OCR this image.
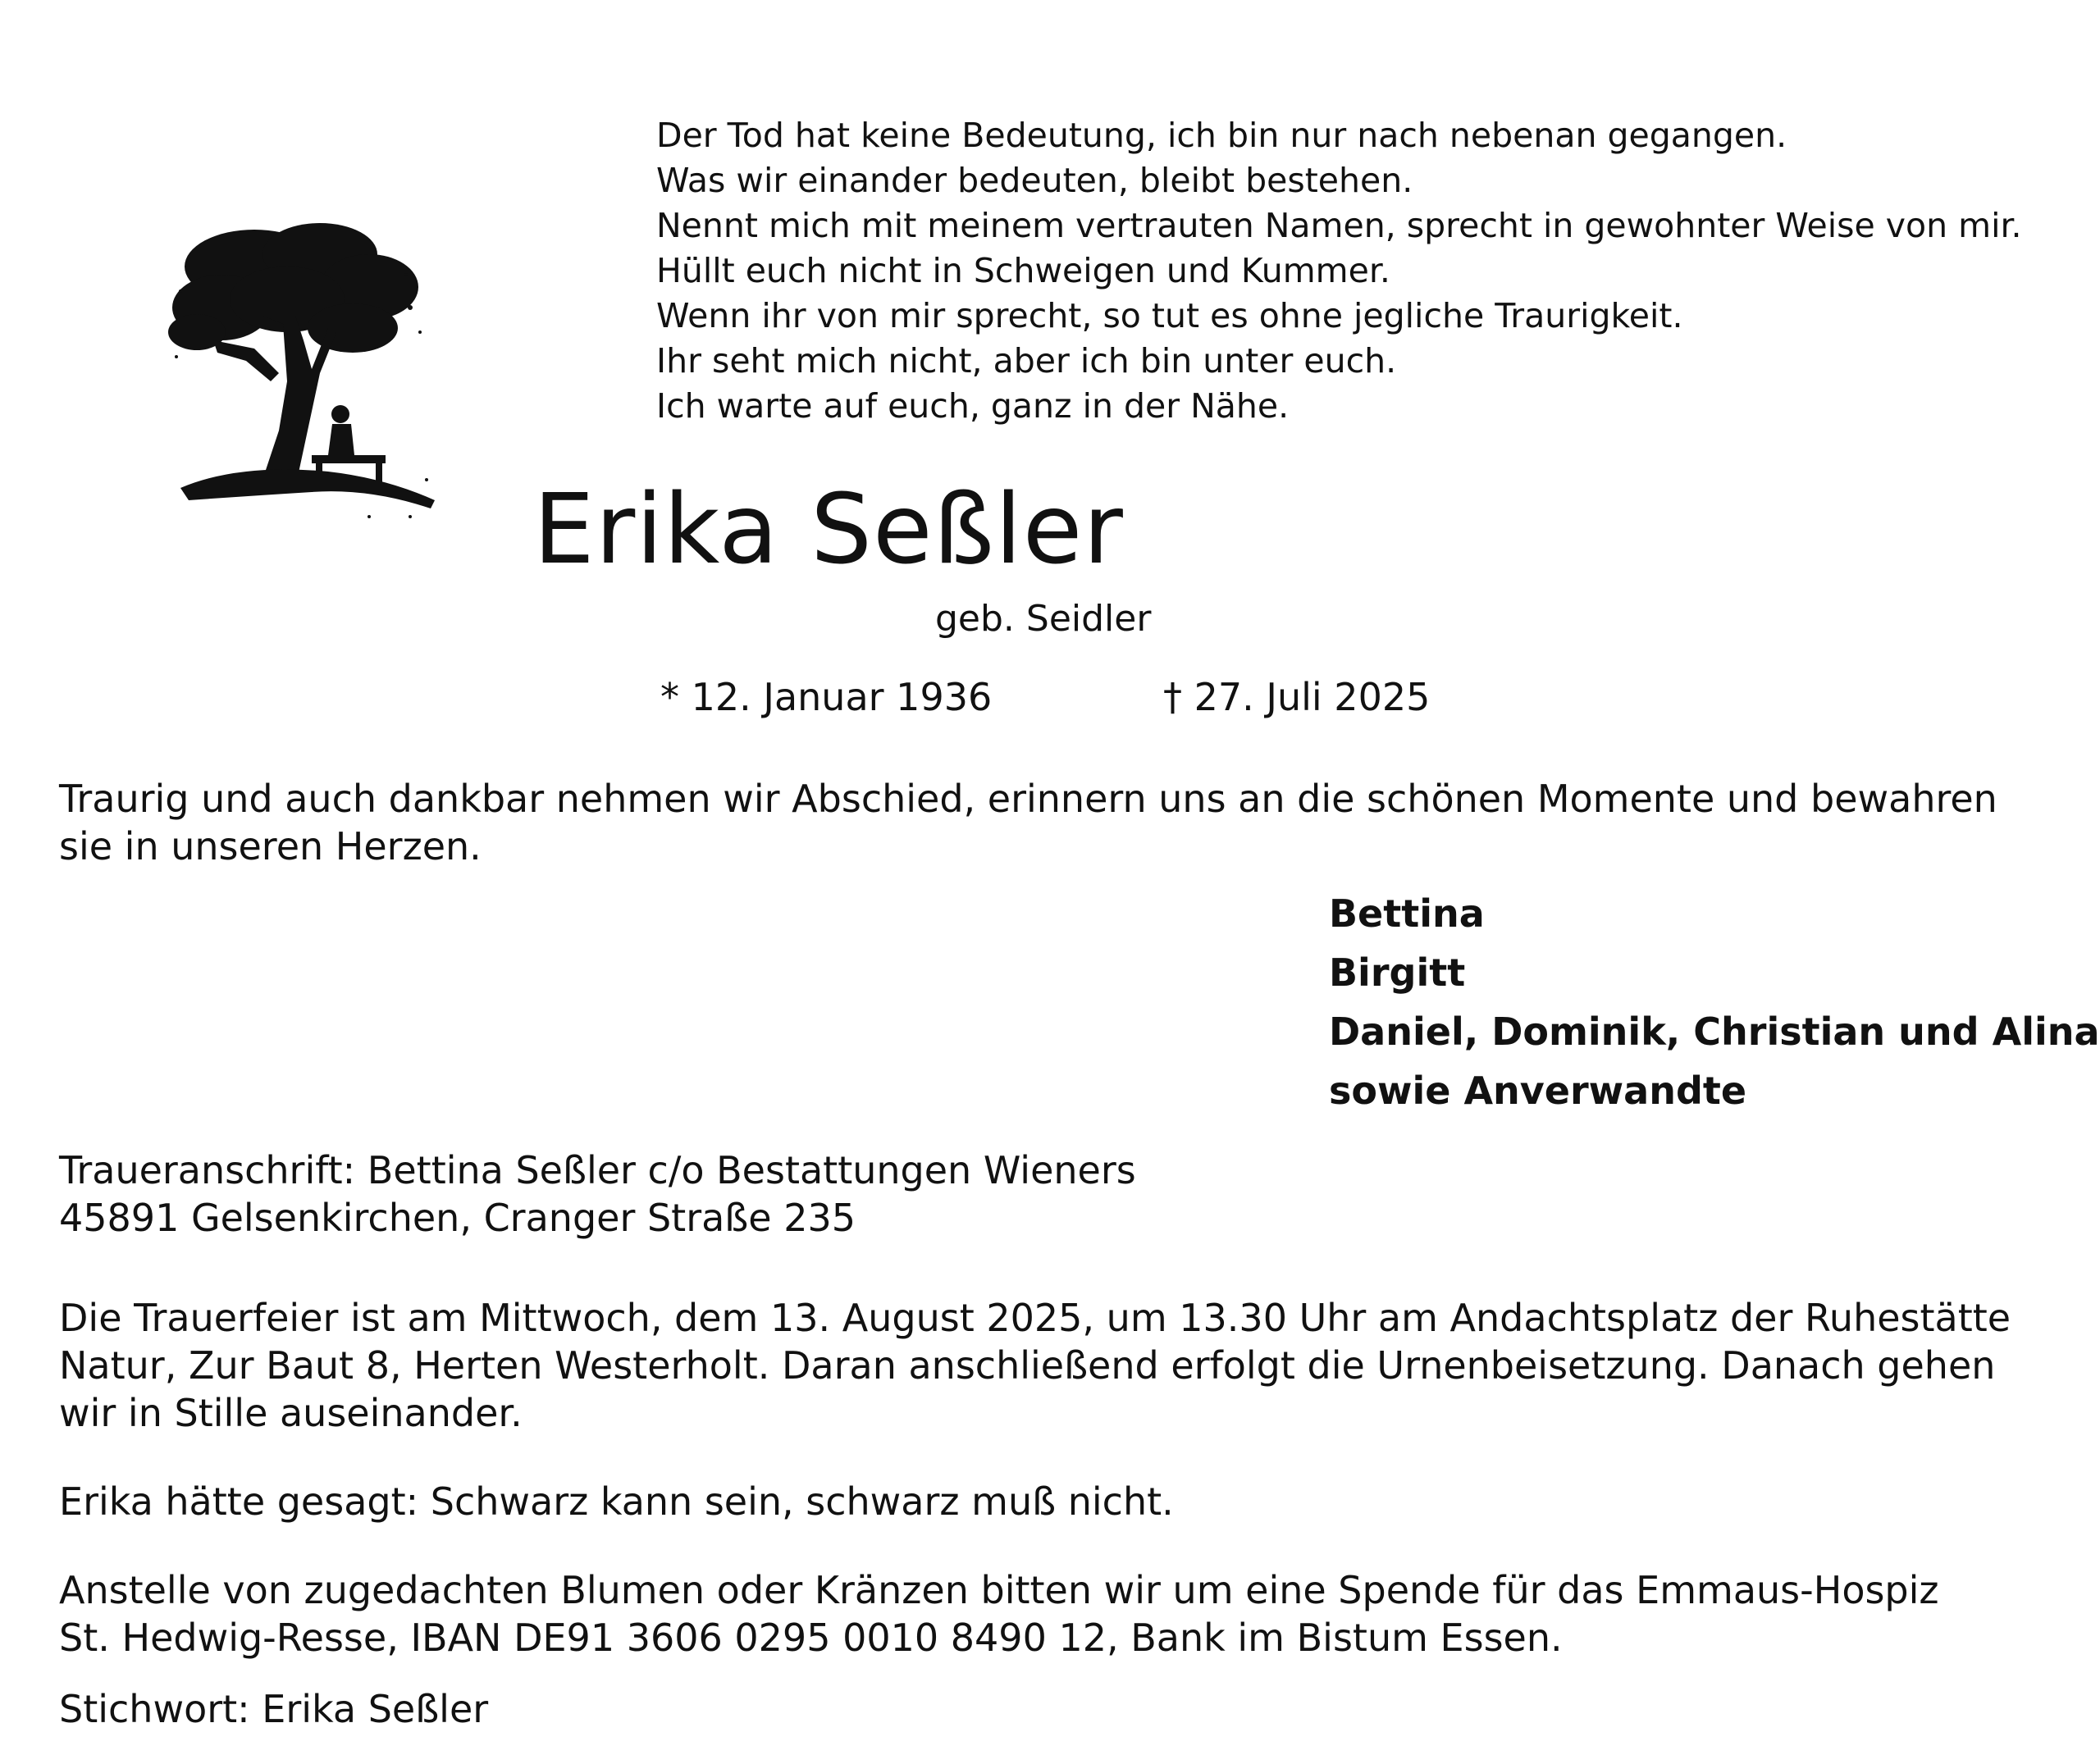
Der Tod hat keine Bedeutung, ich bin nur nach nebenan gegangen.
Was wir einander bedeuten, bleibt bestehen.
Nennt mich mit meinem vertrauten Namen, sprecht in gewohnter Weise von mir.
Hüllt euch nicht in Schweigen und Kummer.
Wenn ihr von mir sprecht, so tut es ohne jegliche Traurigkeit.
Ihr seht mich nicht, aber ich bin unter euch.
Ich warte auf euch, ganz in der Nähe.
Erika Seßler
geb. Seidler
* 12. Januar 1936	† 27. Juli 2025
Traurig und auch dankbar nehmen wir Abschied, erinnern uns an die schönen Momente und bewahren sie in unseren Herzen.
Bettina
Birgitt
Daniel, Dominik, Christian und Alina
sowie Anverwandte
Traueranschrift: Bettina Seßler c/o Bestattungen Wieners
45891 Gelsenkirchen, Cranger Straße 235
Die Trauerfeier ist am Mittwoch, dem 13. August 2025, um 13.30 Uhr am Andachtsplatz der Ruhestätte Natur, Zur Baut 8, Herten Westerholt. Daran anschließend erfolgt die Urnenbeisetzung. Danach gehen wir in Stille auseinander.
Erika hätte gesagt: Schwarz kann sein, schwarz muß nicht.
Anstelle von zugedachten Blumen oder Kränzen bitten wir um eine Spende für das Emmaus-Hospiz
St. Hedwig-Resse, IBAN DE91 3606 0295 0010 8490 12, Bank im Bistum Essen.
Stichwort: Erika Seßler
